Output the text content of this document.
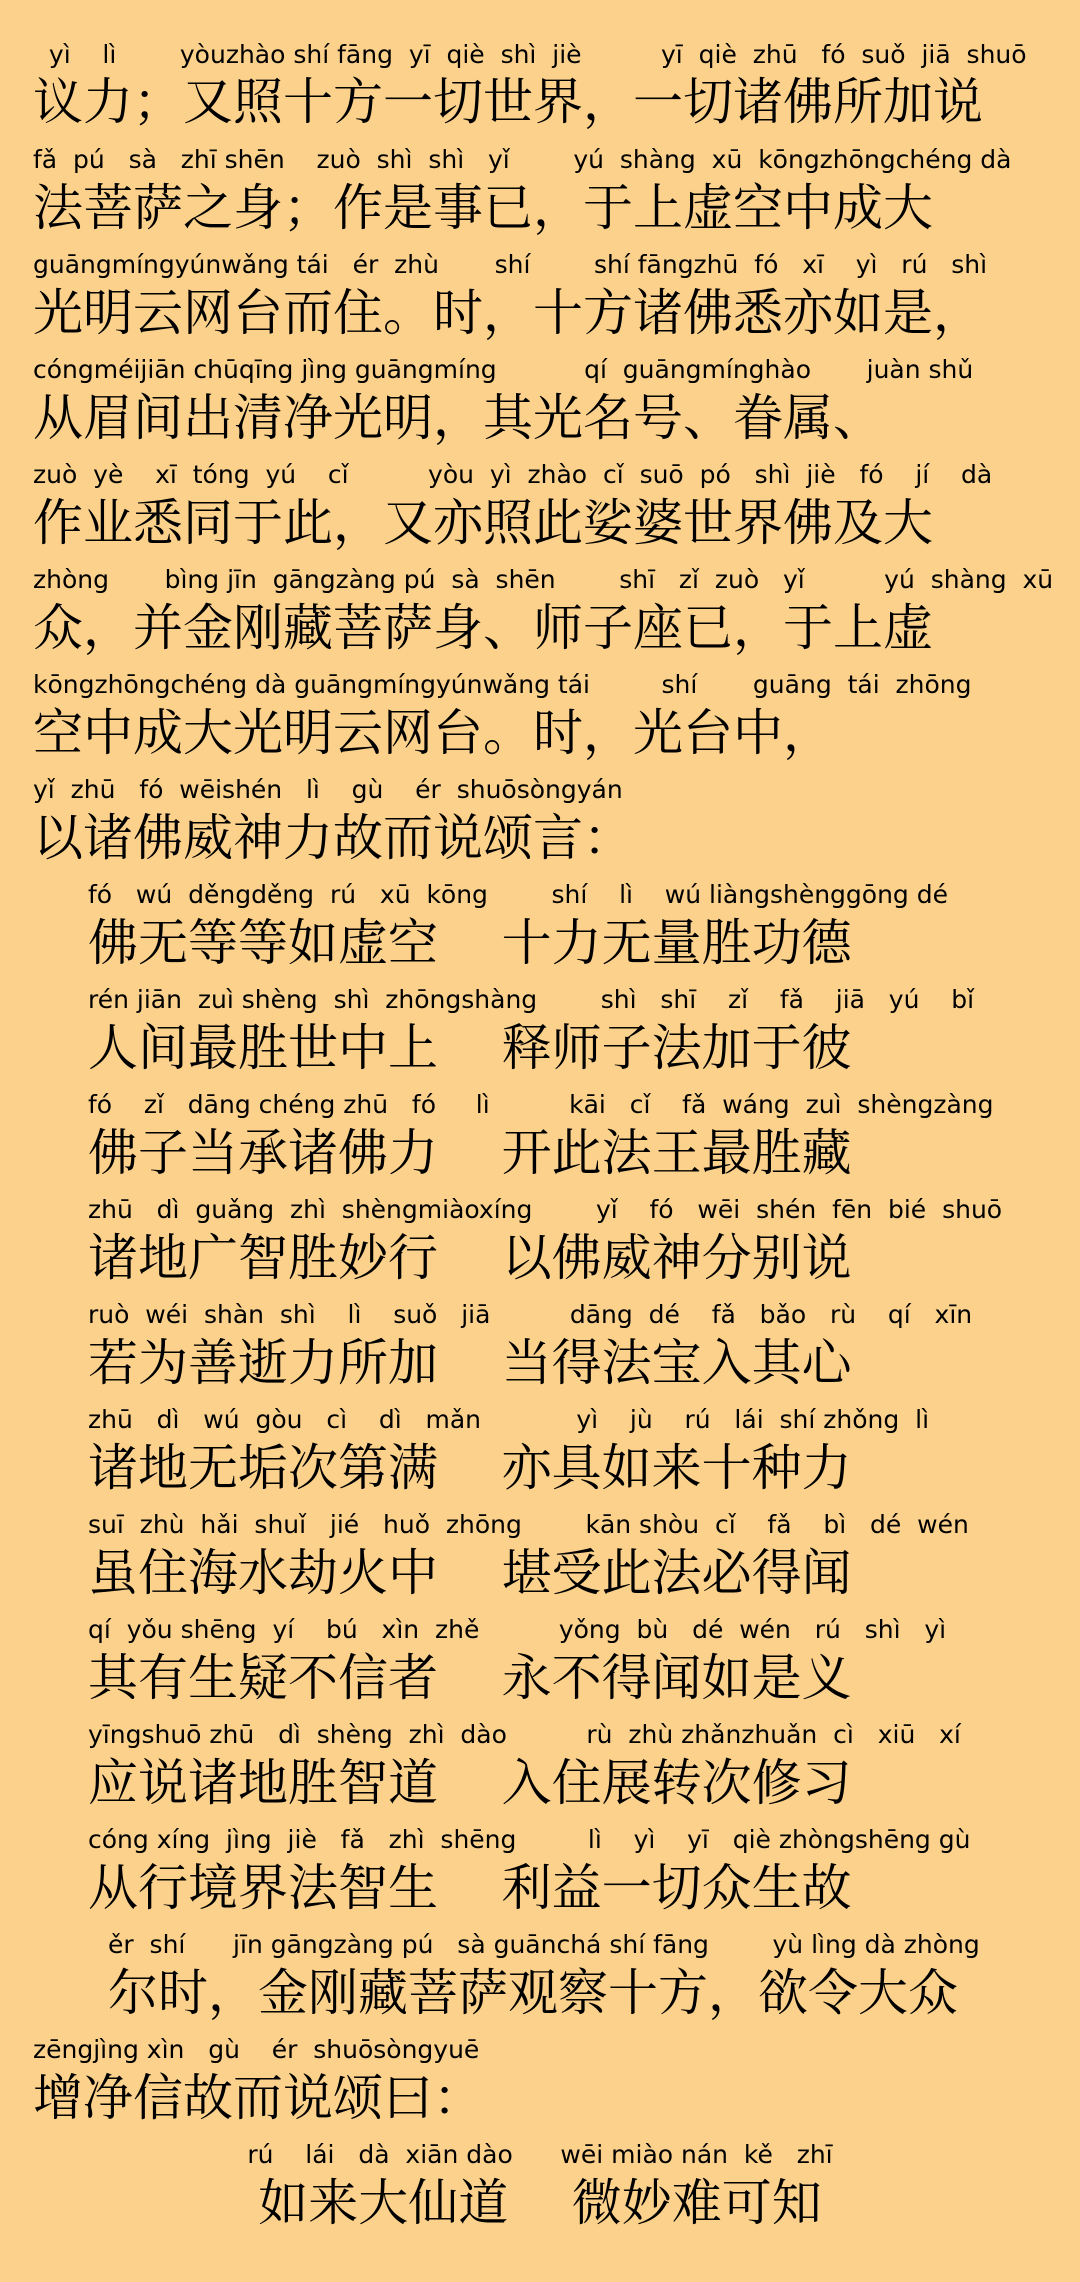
yì    lì        yòuzhào shí fāng  yī  qiè  shì  jiè          yī  qiè  zhū   fó  suǒ  jiā  shuō
议力；又照十方一切世界，一切诸佛所加说
fǎ  pú   sà   zhī shēn    zuò  shì  shì   yǐ        yú  shàng  xū  kōngzhōngchéng dà
法菩萨之身；作是事已，于上虚空中成大
guāngmíngyúnwǎng tái   ér  zhù       shí        shí fāngzhū  fó   xī    yì   rú   shì
光明云网台而住。时，十方诸佛悉亦如是，
cóngméijiān chūqīng jìng guāngmíng           qí  guāngmínghào       juàn shǔ
从眉间出清净光明，其光名号、眷属、
zuò  yè    xī  tóng  yú    cǐ          yòu  yì  zhào  cǐ  suō  pó   shì  jiè   fó    jí    dà
作业悉同于此，又亦照此娑婆世界佛及大
zhòng       bìng jīn  gāngzàng pú  sà  shēn        shī   zǐ  zuò   yǐ          yú  shàng  xū
众，并金刚藏菩萨身、师子座已，于上虚
kōngzhōngchéng dà guāngmíngyúnwǎng tái         shí       guāng  tái  zhōng
空中成大光明云网台。时，光台中，
yǐ  zhū   fó  wēishén   lì    gù    ér  shuōsòngyán
以诸佛威神力故而说颂言：
fó   wú  děngděng  rú   xū  kōng        shí    lì    wú liàngshènggōng dé
佛无等等如虚空    十力无量胜功德
rén jiān  zuì shèng  shì  zhōngshàng        shì   shī    zǐ    fǎ    jiā   yú    bǐ
人间最胜世中上    释师子法加于彼
fó    zǐ   dāng chéng zhū   fó     lì          kāi   cǐ    fǎ  wáng  zuì  shèngzàng
佛子当承诸佛力    开此法王最胜藏
zhū   dì  guǎng  zhì  shèngmiàoxíng        yǐ    fó   wēi  shén  fēn  bié  shuō
诸地广智胜妙行    以佛威神分别说
ruò  wéi  shàn  shì    lì    suǒ   jiā          dāng  dé    fǎ   bǎo   rù    qí   xīn
若为善逝力所加    当得法宝入其心
zhū   dì   wú  gòu   cì    dì   mǎn            yì    jù    rú   lái  shí zhǒng  lì
诸地无垢次第满    亦具如来十种力
suī  zhù  hǎi  shuǐ   jié   huǒ  zhōng        kān shòu  cǐ    fǎ    bì   dé  wén
虽住海水劫火中    堪受此法必得闻
qí  yǒu shēng  yí    bú   xìn  zhě          yǒng  bù   dé  wén   rú   shì   yì
其有生疑不信者    永不得闻如是义
yīngshuō zhū   dì  shèng  zhì  dào          rù  zhù zhǎnzhuǎn  cì   xiū   xí
应说诸地胜智道    入住展转次修习
cóng xíng  jìng  jiè   fǎ   zhì  shēng         lì    yì    yī   qiè zhòngshēng gù
从行境界法智生    利益一切众生故
ěr  shí      jīn gāngzàng pú   sà guānchá shí fāng        yù lìng dà zhòng
尔时，金刚藏菩萨观察十方，欲令大众
zēngjìng xìn   gù    ér  shuōsòngyuē
增净信故而说颂曰：
rú    lái   dà  xiān dào      wēi miào nán  kě   zhī
如来大仙道    微妙难可知
